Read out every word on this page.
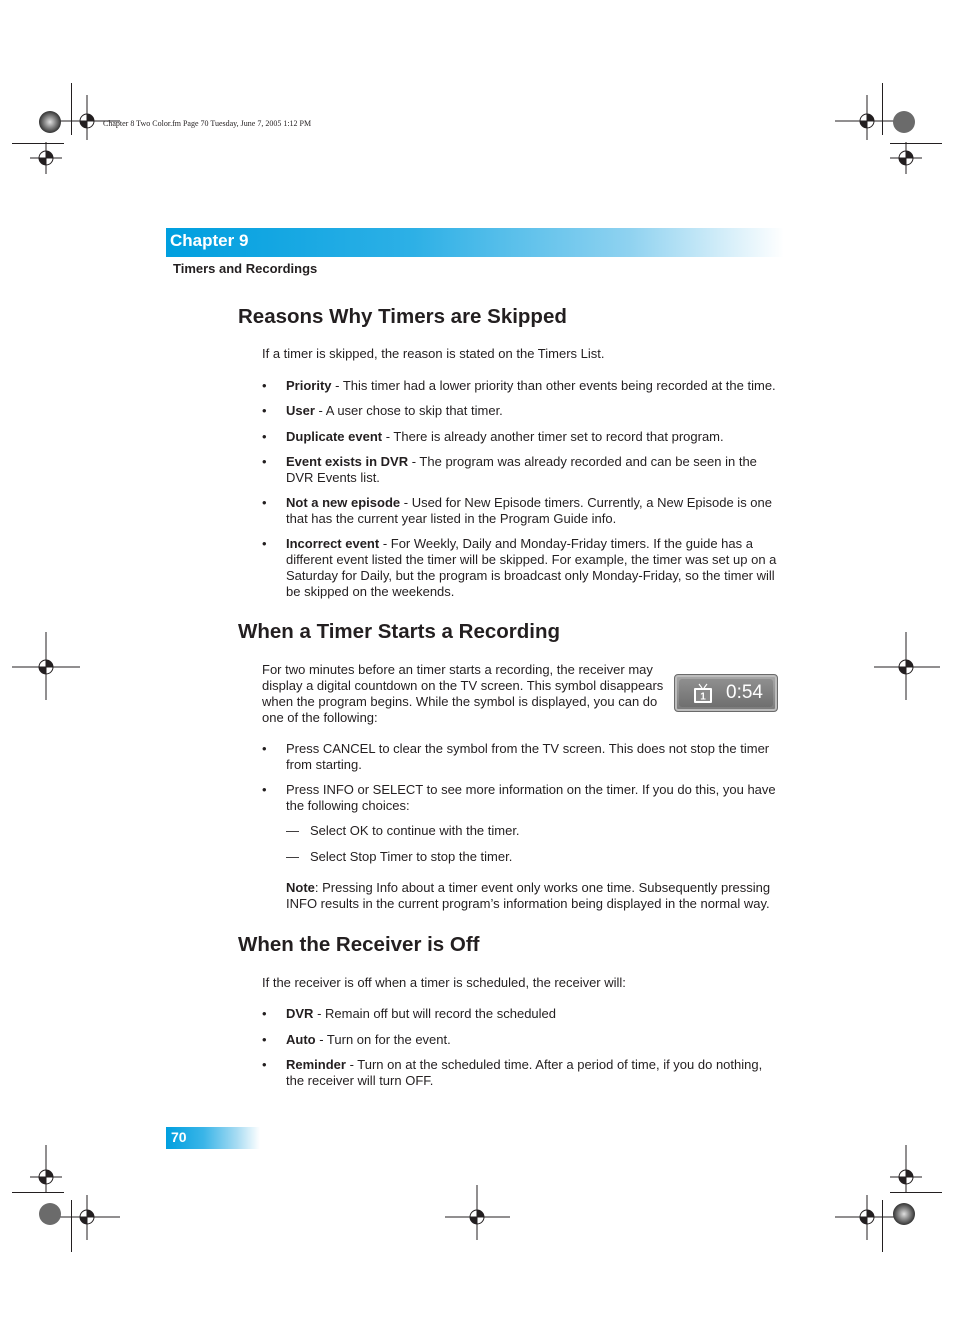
Chapter 8 Two Color.fm Page 70 Tuesday, June 7, 2005 1:12 PM
Chapter 9
Timers and Recordings
Reasons Why Timers are Skipped

If a timer is skipped, the reason is stated on the Timers List.

• Priority - This timer had a lower priority than other events being recorded at the time.

• User - A user chose to skip that timer.

• Duplicate event - There is already another timer set to record that program.

• Event exists in DVR - The program was already recorded and can be seen in the DVR Events list.

• Not a new episode - Used for New Episode timers. Currently, a New Episode is one that has the current year listed in the Program Guide info.

• Incorrect event - For Weekly, Daily and Monday-Friday timers. If the guide has a different event listed the timer will be skipped. For example, the timer was set up on a Saturday for Daily, but the program is broadcast only Monday-Friday, so the timer will be skipped on the weekends.

When a Timer Starts a Recording

For two minutes before an timer starts a recording, the receiver may display a digital countdown on the TV screen. This symbol disappears when the program begins. While the symbol is displayed, you can do one of the following:

1 0:54
• Press CANCEL to clear the symbol from the TV screen. This does not stop the timer from starting.

• Press INFO or SELECT to see more information on the timer. If you do this, you have the following choices:

— Select OK to continue with the timer.

— Select Stop Timer to stop the timer.

Note: Pressing Info about a timer event only works one time. Subsequently pressing INFO results in the current program’s information being displayed in the normal way.

When the Receiver is Off

If the receiver is off when a timer is scheduled, the receiver will:

• DVR - Remain off but will record the scheduled

• Auto - Turn on for the event.

• Reminder - Turn on at the scheduled time. After a period of time, if you do nothing, the receiver will turn OFF.

70
